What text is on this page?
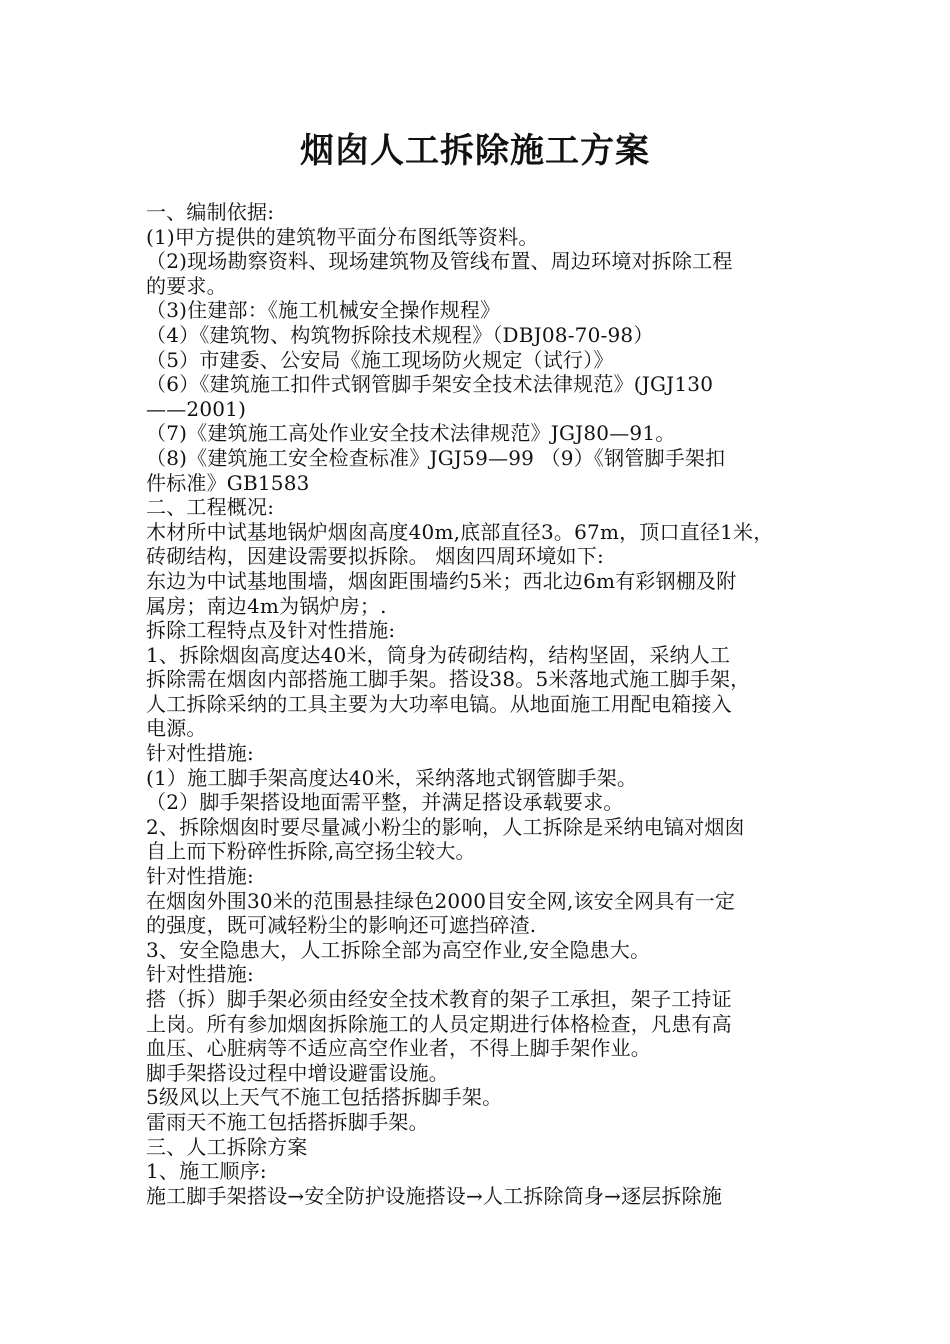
烟囱人工拆除施工方案
一、编制依据:
(1)甲方提供的建筑物平面分布图纸等资料。
（2)现场勘察资料、现场建筑物及管线布置、周边环境对拆除工程
的要求。
（3)住建部：《施工机械安全操作规程》
（4）《建筑物、构筑物拆除技术规程》（DBJ08-70-98）
（5）市建委、公安局《施工现场防火规定（试行）》
（6）《建筑施工扣件式钢管脚手架安全技术法律规范》(JGJ130
——2001)
（7)《建筑施工高处作业安全技术法律规范》JGJ80—91。
（8)《建筑施工安全检查标准》JGJ59—99 （9）《钢管脚手架扣
件标准》GB1583
二、工程概况:
木材所中试基地锅炉烟囱高度40m,底部直径3。67m，顶口直径1米，
砖砌结构，因建设需要拟拆除。 烟囱四周环境如下:
东边为中试基地围墙，烟囱距围墙约5米；西北边6m有彩钢棚及附
属房；南边4m为锅炉房；.
拆除工程特点及针对性措施:
1、拆除烟囱高度达40米，筒身为砖砌结构，结构坚固，采纳人工
拆除需在烟囱内部搭施工脚手架。搭设38。5米落地式施工脚手架，
人工拆除采纳的工具主要为大功率电镐。从地面施工用配电箱接入
电源。
针对性措施:
(1）施工脚手架高度达40米，采纳落地式钢管脚手架。
（2）脚手架搭设地面需平整，并满足搭设承载要求。
2、拆除烟囱时要尽量减小粉尘的影响，人工拆除是采纳电镐对烟囱
自上而下粉碎性拆除,高空扬尘较大。
针对性措施:
在烟囱外围30米的范围悬挂绿色2000目安全网,该安全网具有一定
的强度，既可减轻粉尘的影响还可遮挡碎渣.
3、安全隐患大，人工拆除全部为高空作业,安全隐患大。
针对性措施:
搭（拆）脚手架必须由经安全技术教育的架子工承担，架子工持证
上岗。所有参加烟囱拆除施工的人员定期进行体格检查，凡患有高
血压、心脏病等不适应高空作业者，不得上脚手架作业。
脚手架搭设过程中增设避雷设施。
5级风以上天气不施工包括搭拆脚手架。
雷雨天不施工包括搭拆脚手架。
三、人工拆除方案
1、施工顺序:
施工脚手架搭设→安全防护设施搭设→人工拆除筒身→逐层拆除施
